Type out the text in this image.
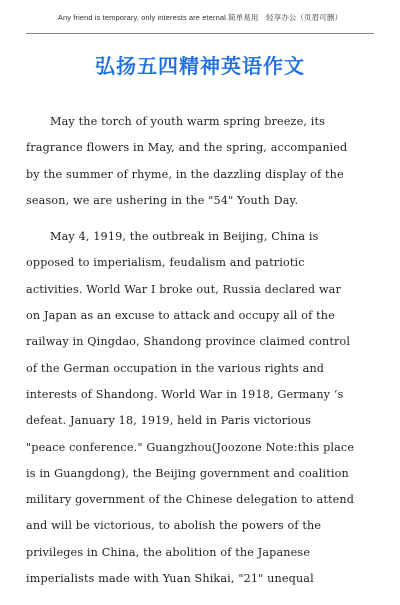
Any friend is temporary, only interests are eternal.简单易用　轻享办公（页眉可删）
弘扬五四精神英语作文
May the torch of youth warm spring breeze, its
fragrance flowers in May, and the spring, accompanied
by the summer of rhyme, in the dazzling display of the
season, we are ushering in the "54" Youth Day.
May 4, 1919, the outbreak in Beijing, China is
opposed to imperialism, feudalism and patriotic
activities. World War I broke out, Russia declared war
on Japan as an excuse to attack and occupy all of the
railway in Qingdao, Shandong province claimed control
of the German occupation in the various rights and
interests of Shandong. World War in 1918, Germany ‘s
defeat. January 18, 1919, held in Paris victorious
"peace conference." Guangzhou(Joozone Note:this place
is in Guangdong), the Beijing government and coalition
military government of the Chinese delegation to attend
and will be victorious, to abolish the powers of the
privileges in China, the abolition of the Japanese
imperialists made with Yuan Shikai, "21" unequal
